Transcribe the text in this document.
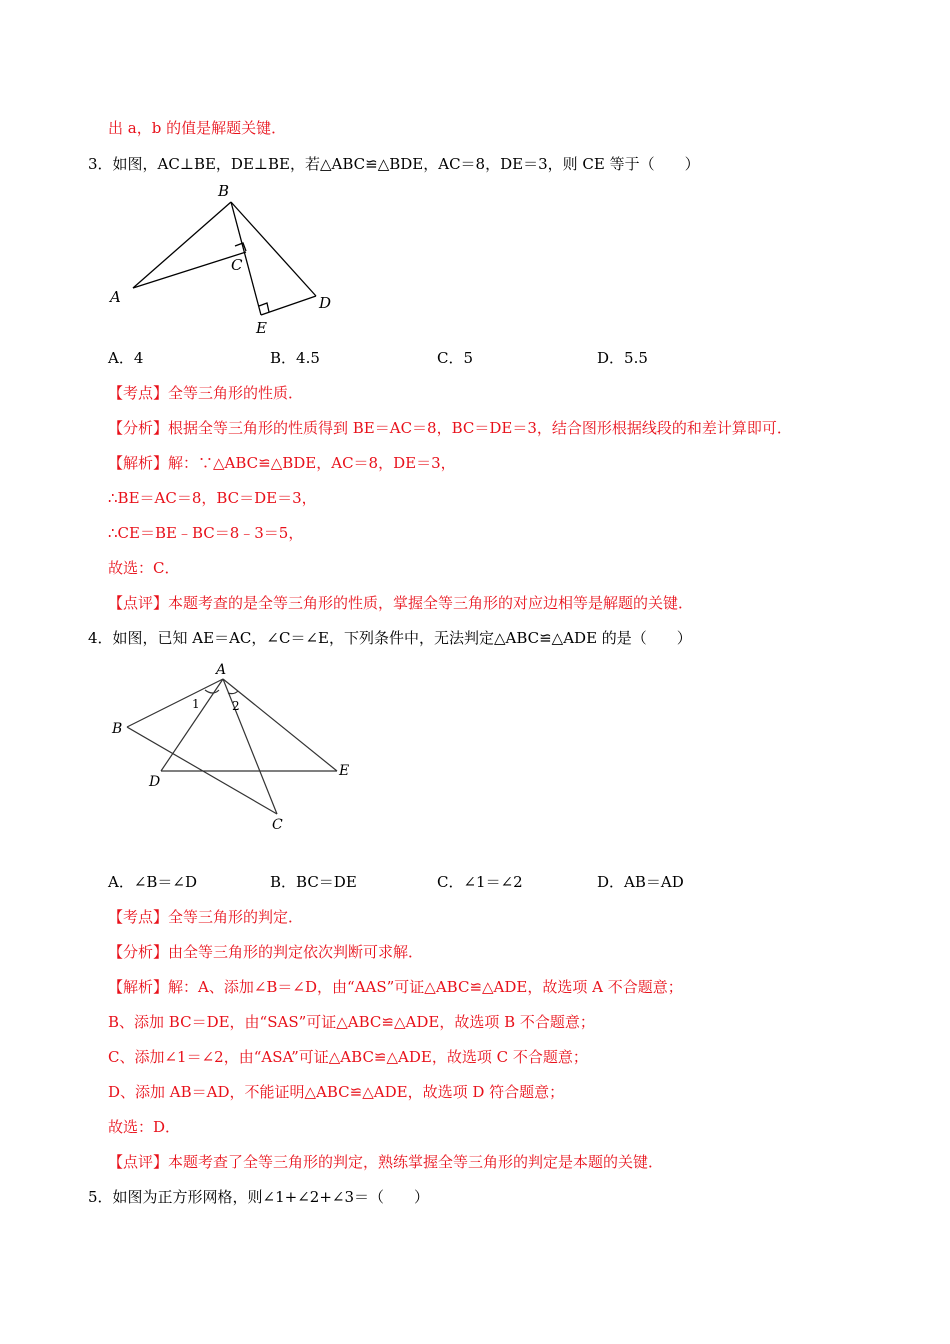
出 a，b 的值是解题关键．
3．如图，AC⊥BE，DE⊥BE，若△ABC≌△BDE，AC＝8，DE＝3，则 CE 等于（　　）
B
C
A	D
E
A．4	B．4.5	C．5	D．5.5
【考点】全等三角形的性质．
【分析】根据全等三角形的性质得到 BE＝AC＝8，BC＝DE＝3，结合图形根据线段的和差计算即可．
【解析】解：∵△ABC≌△BDE，AC＝8，DE＝3，
∴BE＝AC＝8，BC＝DE＝3，
∴CE＝BE﹣BC＝8﹣3＝5，
故选：C．
【点评】本题考查的是全等三角形的性质，掌握全等三角形的对应边相等是解题的关键．
4．如图，已知 AE＝AC，∠C＝∠E，下列条件中，无法判定△ABC≌△ADE 的是（　　）
A
B
D
E
C
1	2
A．∠B＝∠D	B．BC＝DE	C．∠1＝∠2	D．AB＝AD
【考点】全等三角形的判定．
【分析】由全等三角形的判定依次判断可求解．
【解析】解：A、添加∠B＝∠D，由“AAS”可证△ABC≌△ADE，故选项 A 不合题意；
B、添加 BC＝DE，由“SAS”可证△ABC≌△ADE，故选项 B 不合题意；
C、添加∠1＝∠2，由“ASA”可证△ABC≌△ADE，故选项 C 不合题意；
D、添加 AB＝AD，不能证明△ABC≌△ADE，故选项 D 符合题意；
故选：D．
【点评】本题考查了全等三角形的判定，熟练掌握全等三角形的判定是本题的关键．
5．如图为正方形网格，则∠1+∠2+∠3＝（　　）
